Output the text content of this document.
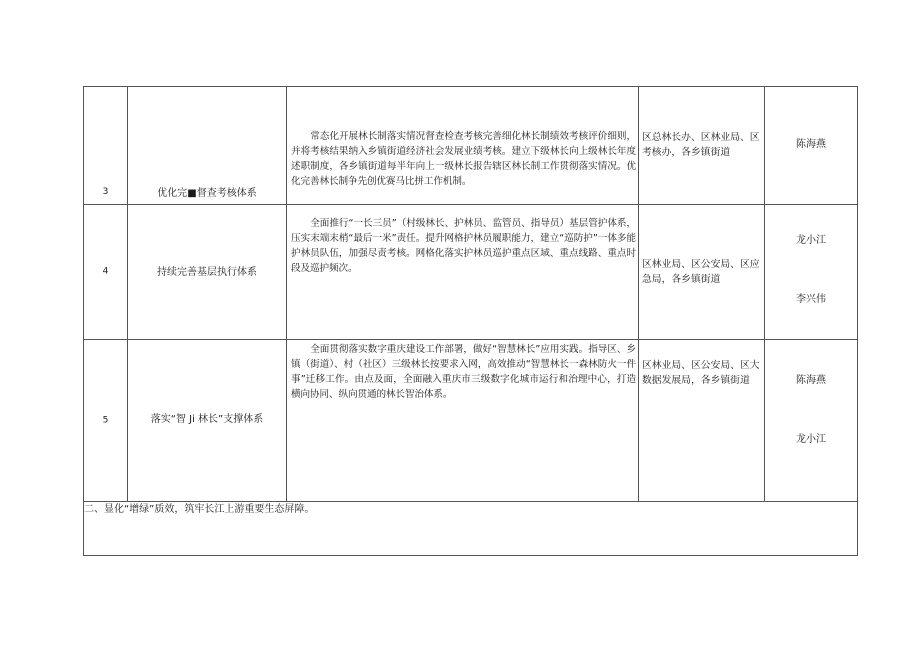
3	优化完■督查考核体系	常态化开展林长制落实情况督查检查考核完善细化林长制绩效考核评价细则，并将考核结果纳入乡镇街道经济社会发展业绩考核。建立下级林长向上级林长年度述职制度，各乡镇街道每半年向上一级林长报告辖区林长制工作贯彻落实情况。优化完善林长制争先创优赛马比拼工作机制。	区总林长办、区林业局、区考核办，各乡镇街道	陈海燕

4	持续完善基层执行体系	全面推行“一长三员”（村级林长、护林员、监管员、指导员）基层管护体系，压实末端末梢“最后一米”责任。提升网格护林员履职能力，建立“巡防护”一体多能护林员队伍，加强尽责考核。网格化落实护林员巡护重点区域、重点线路、重点时段及巡护频次。	区林业局、区公安局、区应急局，各乡镇街道	龙小江
李兴伟

5	落实“智 Ji 林长”支撑体系	全面贯彻落实数字重庆建设工作部署，做好“智慧林长”应用实践。指导区、乡镇（街道）、村（社区）三级林长按要求入网，高效推动“智慧林长一森林防火一件事”迁移工作。由点及面，全面融入重庆市三级数字化城市运行和治理中心，打造横向协同、纵向贯通的林长智治体系。	区林业局、区公安局、区大数据发展局，各乡镇街道	陈海燕
龙小江

二、显化“增绿”质效，筑牢长江上游重要生态屏障。				
